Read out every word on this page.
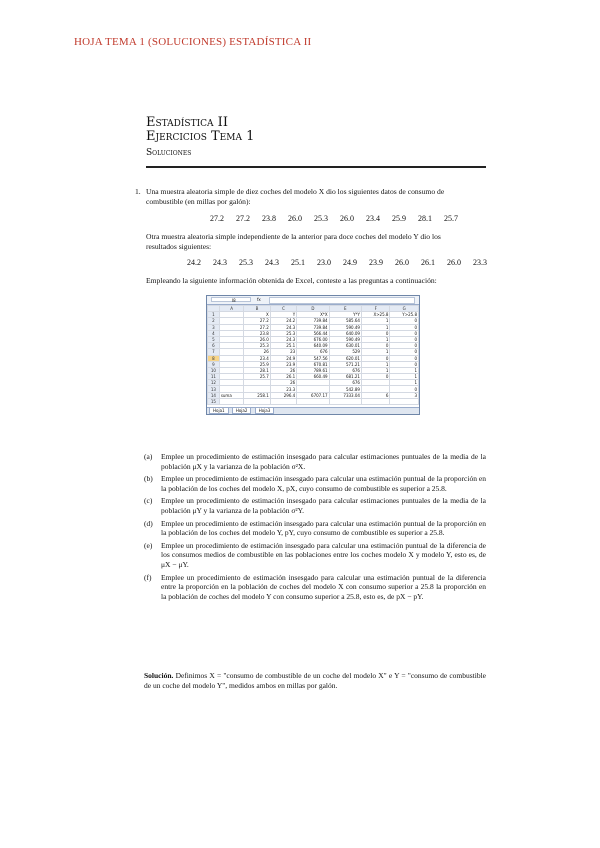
HOJA TEMA 1 (SOLUCIONES) ESTADÍSTICA II
Estadística II
Ejercicios Tema 1
Soluciones
1. Una muestra aleatoria simple de diez coches del modelo X dio los siguientes datos de consumo de
combustible (en millas por galón):
27.2 27.2 23.8 26.0 25.3 26.0 23.4 25.9 28.1 25.7
Otra muestra aleatoria simple independiente de la anterior para doce coches del modelo Y dio los
resultados siguientes:
24.2 24.3 25.3 24.3 25.1 23.0 24.9 23.9 26.0 26.1 26.0 23.3
Empleando la siguiente información obtenida de Excel, conteste a las preguntas a continuación:
I8	fx
	A	B	C	D	E	F	G
1		X	Y	X*X	Y*Y	X>25.8	Y>25.8
2		27.2	24.2	739.84	585.64	1	0
3		27.2	24.3	739.84	590.49	1	0
4		23.8	25.3	566.44	640.09	0	0
5		26.0	24.3	676.00	590.49	1	0
6		25.3	25.1	640.09	630.01	0	0
7		26	23	676	529	1	0
8		23.4	24.9	547.56	620.01	0	0
9		25.9	23.9	670.81	571.21	1	0
10		28.1	26	789.61	676	1	1
11		25.7	26.1	660.49	681.21	0	1
12			26		676		1
13			23.3		542.89		0
14	suma	258.1	296.4	6707.17	7333.04	6	3
15							
Hoja1	Hoja2	Hoja3
(a)	Emplee un procedimiento de estimación insesgado para calcular estimaciones puntuales de la media de la población μX y la varianza de la población σ²X.
(b)	Emplee un procedimiento de estimación insesgado para calcular una estimación puntual de la proporción en la población de los coches del modelo X, pX, cuyo consumo de combustible es superior a 25.8.
(c)	Emplee un procedimiento de estimación insesgado para calcular estimaciones puntuales de la media de la población μY y la varianza de la población σ²Y.
(d)	Emplee un procedimiento de estimación insesgado para calcular una estimación puntual de la proporción en la población de los coches del modelo Y, pY, cuyo consumo de combustible es superior a 25.8.
(e)	Emplee un procedimiento de estimación insesgado para calcular una estimación puntual de la diferencia de los consumos medios de combustible en las poblaciones entre los coches modelo X y modelo Y, esto es, de μX − μY.
(f)	Emplee un procedimiento de estimación insesgado para calcular una estimación puntual de la diferencia entre la proporción en la población de coches del modelo X con consumo superior a 25.8 la proporción en la población de coches del modelo Y con consumo superior a 25.8, esto es, de pX − pY.
Solución. Definimos X = "consumo de combustible de un coche del modelo X" e Y = "consumo de combustible de un coche del modelo Y", medidos ambos en millas por galón.
